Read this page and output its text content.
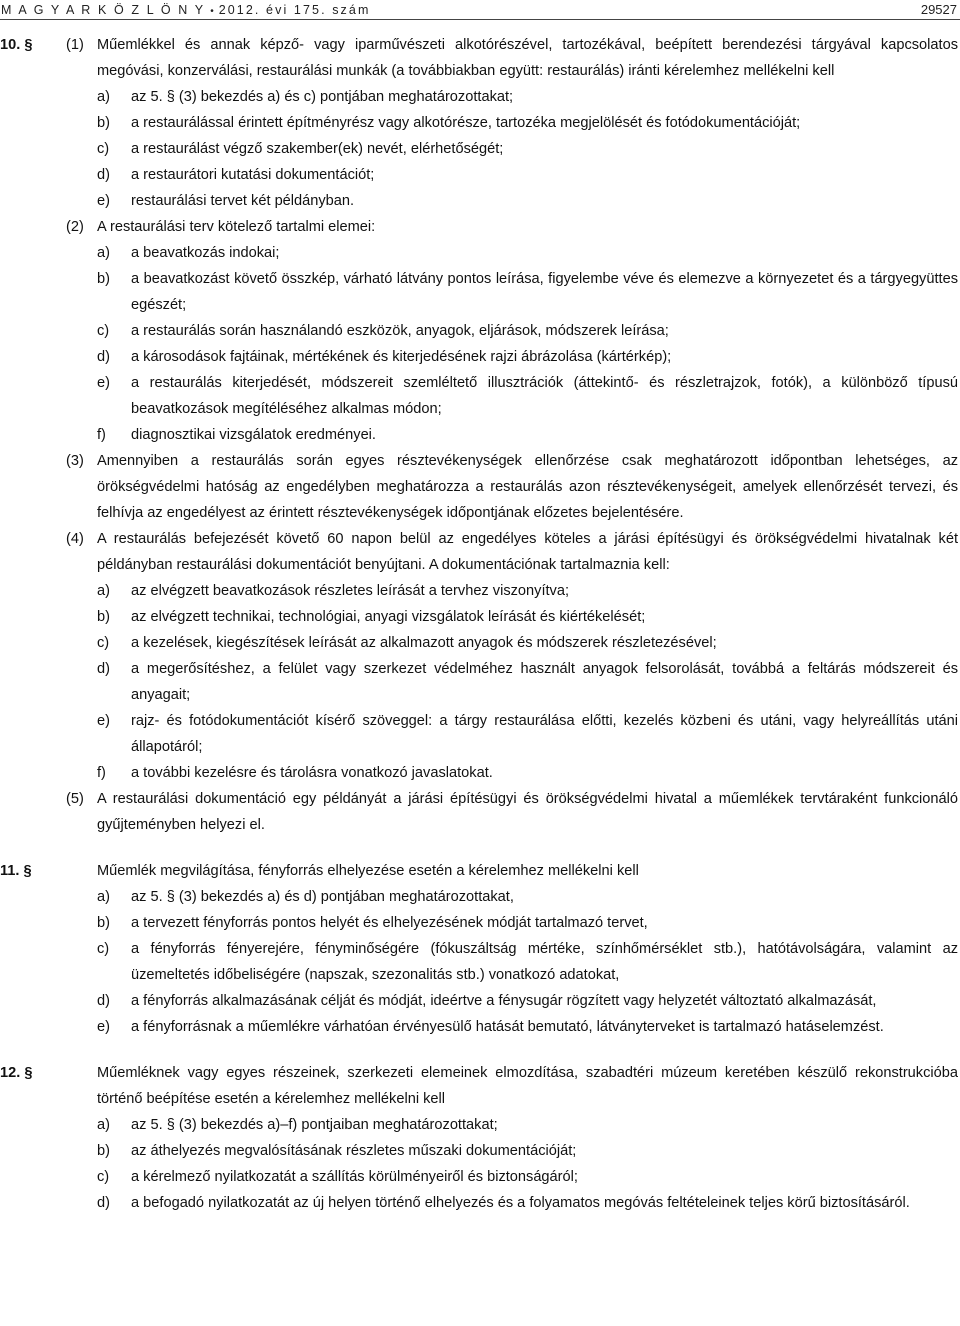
M A G Y A R K Ö Z L Ö N Y • 2012. évi 175. szám	29527
10. § (1) Műemlékkel és annak képző- vagy iparművészeti alkotórészével, tartozékával, beépített berendezési tárgyával kapcsolatos megóvási, konzerválási, restaurálási munkák (a továbbiakban együtt: restaurálás) iránti kérelemhez mellékelni kell
a) az 5. § (3) bekezdés a) és c) pontjában meghatározottakat;
b) a restaurálással érintett építményrész vagy alkotórésze, tartozéka megjelölését és fotódokumentációját;
c) a restaurálást végző szakember(ek) nevét, elérhetőségét;
d) a restaurátori kutatási dokumentációt;
e) restaurálási tervet két példányban.
(2) A restaurálási terv kötelező tartalmi elemei:
a) a beavatkozás indokai;
b) a beavatkozást követő összkép, várható látvány pontos leírása, figyelembe véve és elemezve a környezetet és a tárgyegyüttes egészét;
c) a restaurálás során használandó eszközök, anyagok, eljárások, módszerek leírása;
d) a károsodások fajtáinak, mértékének és kiterjedésének rajzi ábrázolása (kártérkép);
e) a restaurálás kiterjedését, módszereit szemléltető illusztrációk (áttekintő- és részletrajzok, fotók), a különböző típusú beavatkozások megítéléséhez alkalmas módon;
f) diagnosztikai vizsgálatok eredményei.
(3) Amennyiben a restaurálás során egyes résztevékenységek ellenőrzése csak meghatározott időpontban lehetséges, az örökségvédelmi hatóság az engedélyben meghatározza a restaurálás azon résztevékenységeit, amelyek ellenőrzését tervezi, és felhívja az engedélyest az érintett résztevékenységek időpontjának előzetes bejelentésére.
(4) A restaurálás befejezését követő 60 napon belül az engedélyes köteles a járási építésügyi és örökségvédelmi hivatalnak két példányban restaurálási dokumentációt benyújtani. A dokumentációnak tartalmaznia kell:
a) az elvégzett beavatkozások részletes leírását a tervhez viszonyítva;
b) az elvégzett technikai, technológiai, anyagi vizsgálatok leírását és kiértékelését;
c) a kezelések, kiegészítések leírását az alkalmazott anyagok és módszerek részletezésével;
d) a megerősítéshez, a felület vagy szerkezet védelméhez használt anyagok felsorolását, továbbá a feltárás módszereit és anyagait;
e) rajz- és fotódokumentációt kísérő szöveggel: a tárgy restaurálása előtti, kezelés közbeni és utáni, vagy helyreállítás utáni állapotáról;
f) a további kezelésre és tárolásra vonatkozó javaslatokat.
(5) A restaurálási dokumentáció egy példányát a járási építésügyi és örökségvédelmi hivatal a műemlékek tervtáraként funkcionáló gyűjteményben helyezi el.
11. §	Műemlék megvilágítása, fényforrás elhelyezése esetén a kérelemhez mellékelni kell
a) az 5. § (3) bekezdés a) és d) pontjában meghatározottakat,
b) a tervezett fényforrás pontos helyét és elhelyezésének módját tartalmazó tervet,
c) a fényforrás fényerejére, fényminőségére (fókuszáltság mértéke, színhőmérséklet stb.), hatótávolságára, valamint az üzemeltetés időbeliségére (napszak, szezonalitás stb.) vonatkozó adatokat,
d) a fényforrás alkalmazásának célját és módját, ideértve a fénysugár rögzített vagy helyzetét változtató alkalmazását,
e) a fényforrásnak a műemlékre várhatóan érvényesülő hatását bemutató, látványterveket is tartalmazó hatáselemzést.
12. §	Műemléknek vagy egyes részeinek, szerkezeti elemeinek elmozdítása, szabadtéri múzeum keretében készülő rekonstrukcióba történő beépítése esetén a kérelemhez mellékelni kell
a) az 5. § (3) bekezdés a)–f) pontjaiban meghatározottakat;
b) az áthelyezés megvalósításának részletes műszaki dokumentációját;
c) a kérelmező nyilatkozatát a szállítás körülményeiről és biztonságáról;
d) a befogadó nyilatkozatát az új helyen történő elhelyezés és a folyamatos megóvás feltételeinek teljes körű biztosításáról.
